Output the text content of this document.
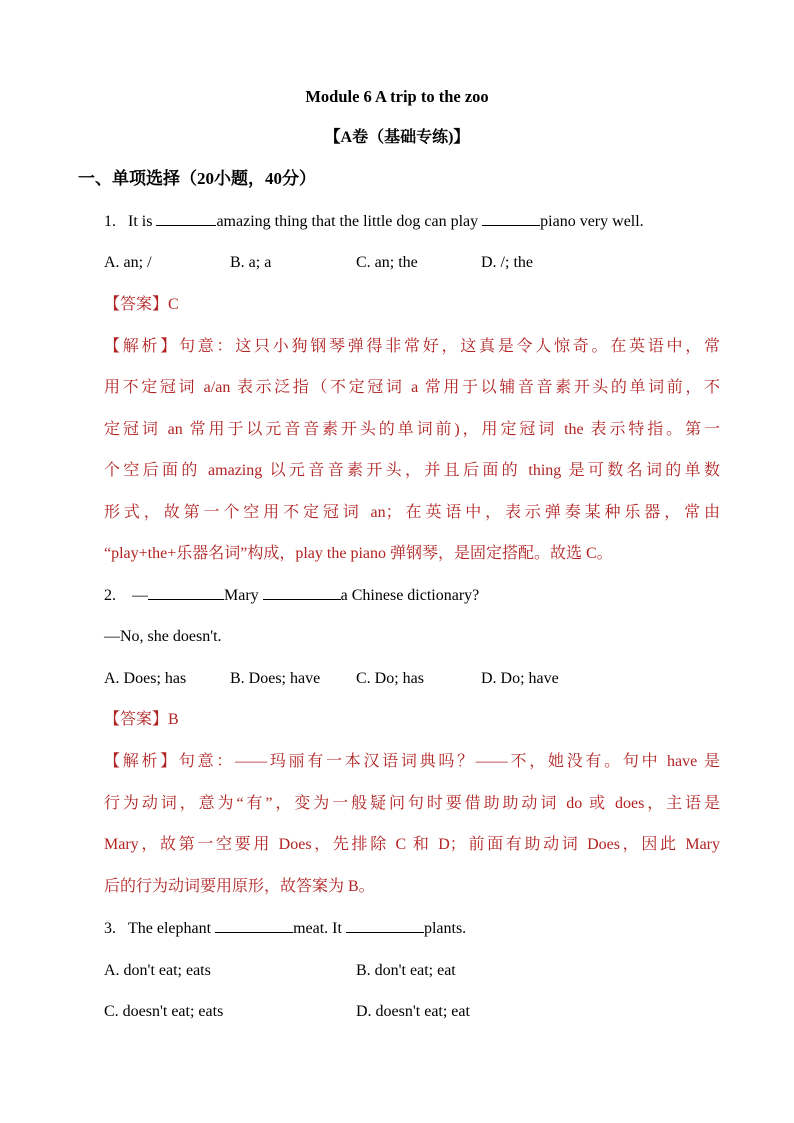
Module 6 A trip to the zoo
【A卷（基础专练)】
一、单项选择（20小题，40分）
1. It is	amazing thing that the little dog can play	piano very well.
A. an; /	B. a; a	C. an; the	D. /; the
【答案】C
【解析】句意：这只小狗钢琴弹得非常好，这真是令人惊奇。在英语中，常
用不定冠词 a/an 表示泛指（不定冠词 a 常用于以辅音音素开头的单词前，不
定冠词 an 常用于以元音音素开头的单词前)，用定冠词 the 表示特指。第一
个空后面的 amazing 以元音音素开头，并且后面的 thing 是可数名词的单数
形式，故第一个空用不定冠词 an；在英语中，表示弹奏某种乐器，常由
“play+the+乐器名词”构成，play the piano 弹钢琴，是固定搭配。故选 C。
2. —	Mary	a Chinese dictionary?
—No, she doesn't.
A. Does; has	B. Does; have C. Do; has	D. Do; have
【答案】B
【解析】句意：——玛丽有一本汉语词典吗？——不，她没有。句中 have 是
行为动词，意为“有”，变为一般疑问句时要借助助动词 do 或 does，主语是
Mary，故第一空要用 Does，先排除 C 和 D；前面有助动词 Does，因此 Mary
后的行为动词要用原形，故答案为 B。
3. The elephant	meat. It	plants.
A. don't eat; eats	B. don't eat; eat
C. doesn't eat; eats	D. doesn't eat; eat
